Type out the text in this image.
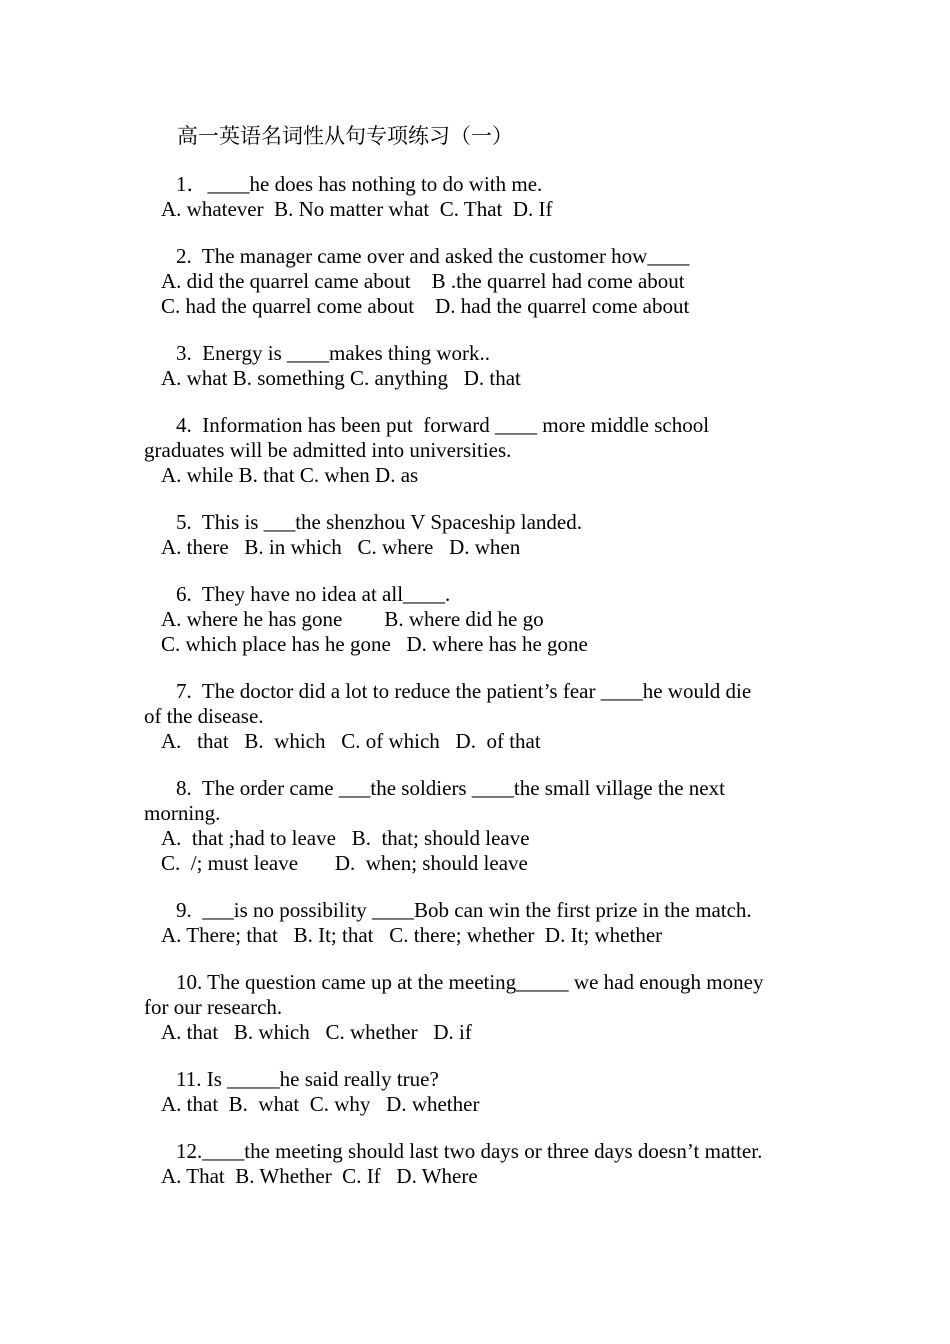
高一英语名词性从句专项练习（一）
1．____he does has nothing to do with me.
A. whatever  B. No matter what  C. That  D. If
2.  The manager came over and asked the customer how____
A. did the quarrel came about    B .the quarrel had come about
C. had the quarrel come about    D. had the quarrel come about
3.  Energy is ____makes thing work..
A. what B. something C. anything   D. that
4.  Information has been put  forward ____ more middle school
graduates will be admitted into universities.
A. while B. that C. when D. as
5.  This is ___the shenzhou V Spaceship landed.
A. there   B. in which   C. where   D. when
6.  They have no idea at all____.
A. where he has gone        B. where did he go
C. which place has he gone   D. where has he gone
7.  The doctor did a lot to reduce the patient’s fear ____he would die
of the disease.
A.   that   B.  which   C. of which   D.  of that
8.  The order came ___the soldiers ____the small village the next
morning.
A.  that ;had to leave   B.  that; should leave
C.  /; must leave       D.  when; should leave
9.  ___is no possibility ____Bob can win the first prize in the match.
A. There; that   B. It; that   C. there; whether  D. It; whether
10. The question came up at the meeting_____ we had enough money
for our research.
A. that   B. which   C. whether   D. if
11. Is _____he said really true?
A. that  B.  what  C. why   D. whether
12.____the meeting should last two days or three days doesn’t matter.
A. That  B. Whether  C. If   D. Where
